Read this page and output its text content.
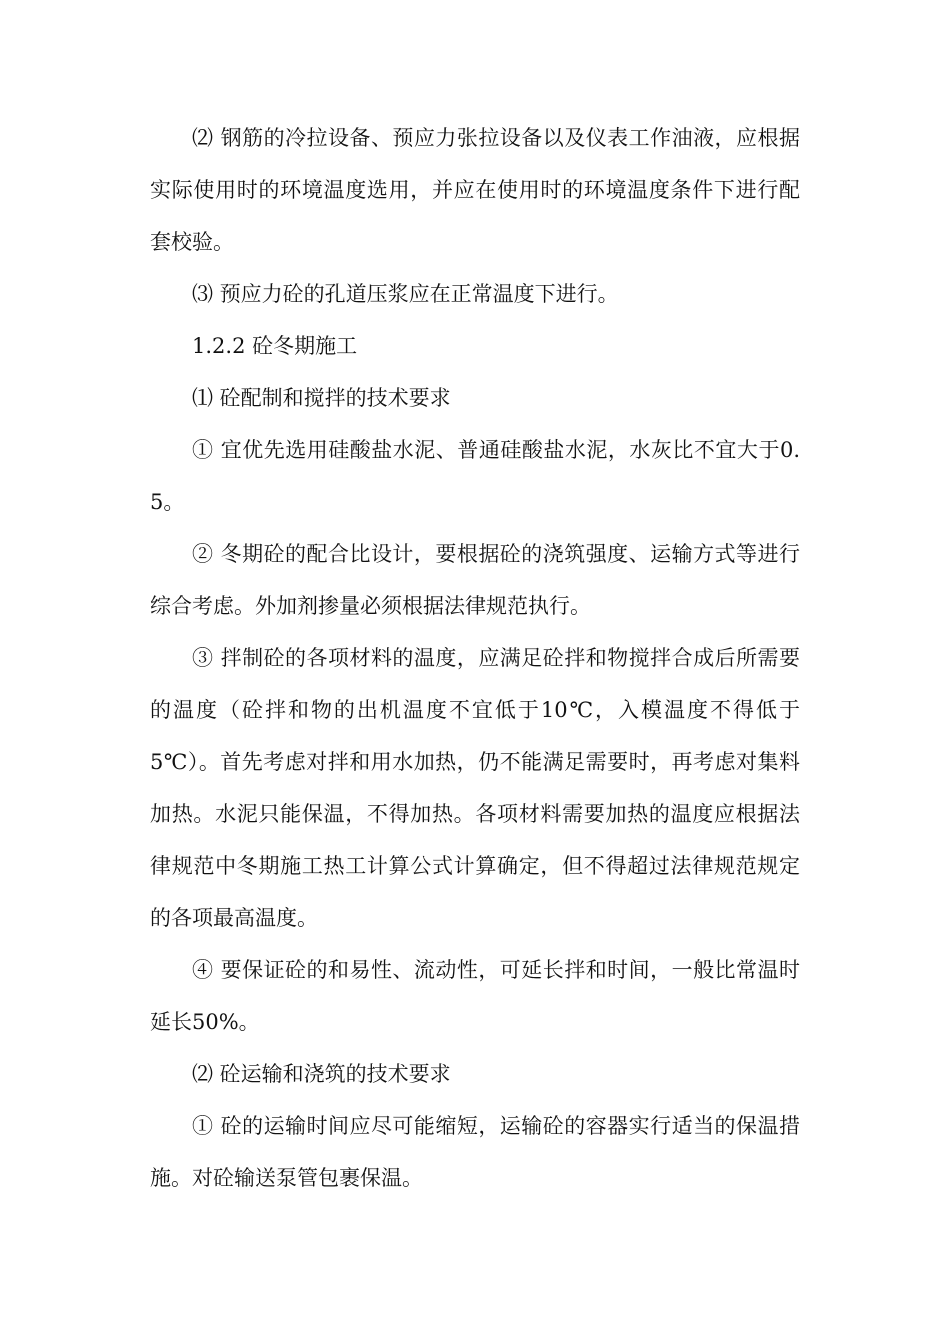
⑵ 钢筋的冷拉设备、预应力张拉设备以及仪表工作油液，应根据实际使用时的环境温度选用，并应在使用时的环境温度条件下进行配套校验。

⑶ 预应力砼的孔道压浆应在正常温度下进行。

1.2.2 砼冬期施工

⑴ 砼配制和搅拌的技术要求

① 宜优先选用硅酸盐水泥、普通硅酸盐水泥，水灰比不宜大于0.5。

② 冬期砼的配合比设计，要根据砼的浇筑强度、运输方式等进行综合考虑。外加剂掺量必须根据法律规范执行。

③ 拌制砼的各项材料的温度，应满足砼拌和物搅拌合成后所需要的温度（砼拌和物的出机温度不宜低于10℃，入模温度不得低于5℃）。首先考虑对拌和用水加热，仍不能满足需要时，再考虑对集料加热。水泥只能保温，不得加热。各项材料需要加热的温度应根据法律规范中冬期施工热工计算公式计算确定，但不得超过法律规范规定的各项最高温度。

④ 要保证砼的和易性、流动性，可延长拌和时间，一般比常温时延长50%。

⑵ 砼运输和浇筑的技术要求

① 砼的运输时间应尽可能缩短，运输砼的容器实行适当的保温措施。对砼输送泵管包裹保温。
